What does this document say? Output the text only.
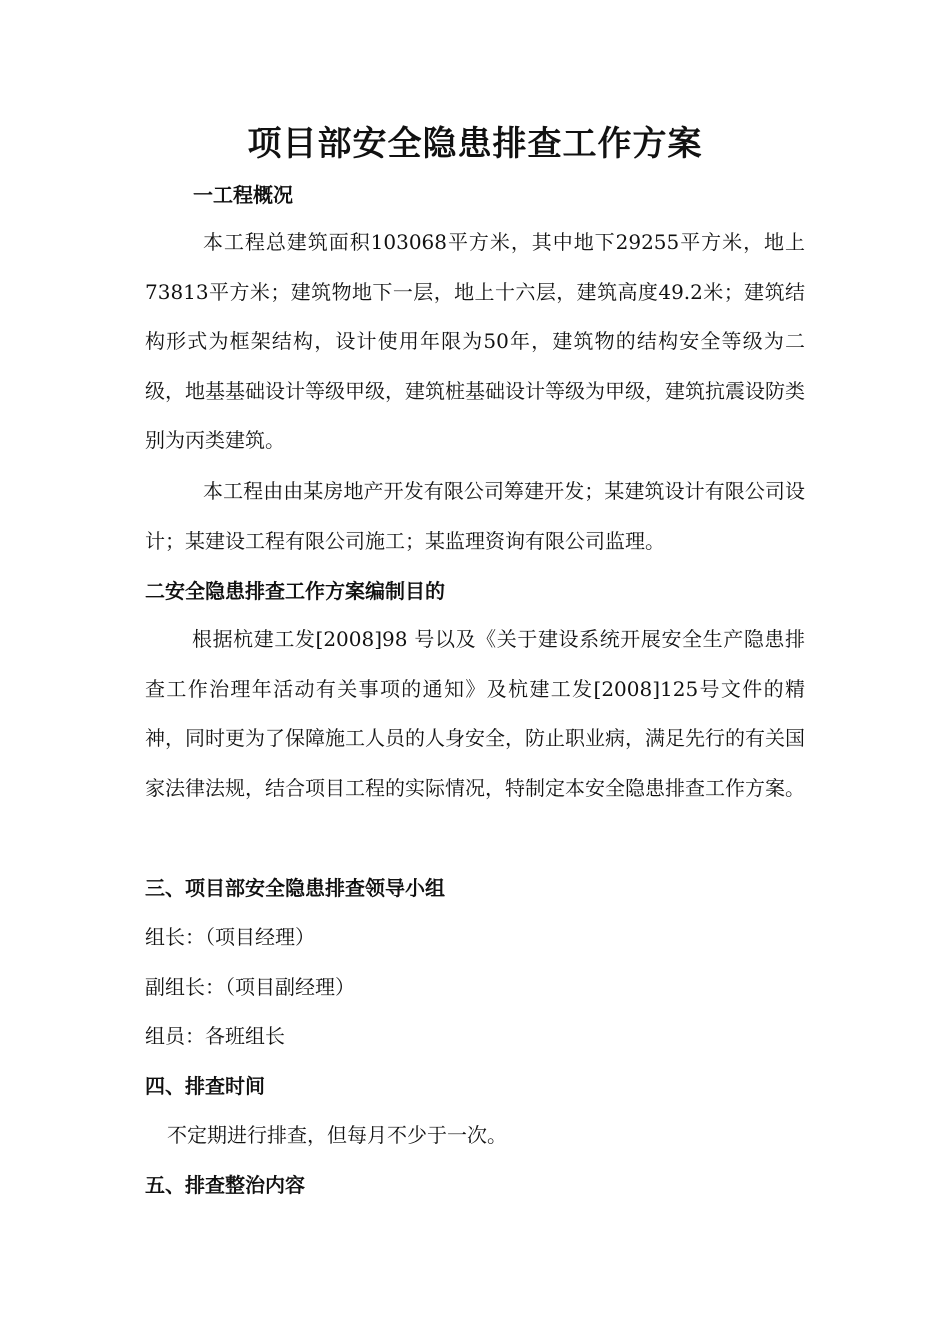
项目部安全隐患排查工作方案
一工程概况

本工程总建筑面积103068平方米，其中地下29255平方米，地上73813平方米；建筑物地下一层，地上十六层，建筑高度49.2米；建筑结构形式为框架结构，设计使用年限为50年，建筑物的结构安全等级为二级，地基基础设计等级甲级，建筑桩基础设计等级为甲级，建筑抗震设防类别为丙类建筑。

本工程由由某房地产开发有限公司筹建开发；某建筑设计有限公司设计；某建设工程有限公司施工；某监理资询有限公司监理。

二安全隐患排查工作方案编制目的

根据杭建工发[2008]98 号以及《关于建设系统开展安全生产隐患排查工作治理年活动有关事项的通知》及杭建工发[2008]125号文件的精神，同时更为了保障施工人员的人身安全，防止职业病，满足先行的有关国家法律法规，结合项目工程的实际情况，特制定本安全隐患排查工作方案。

三、项目部安全隐患排查领导小组
组长：（项目经理）
副组长：（项目副经理）
组员：各班组长
四、排查时间
不定期进行排查，但每月不少于一次。
五、排查整治内容
